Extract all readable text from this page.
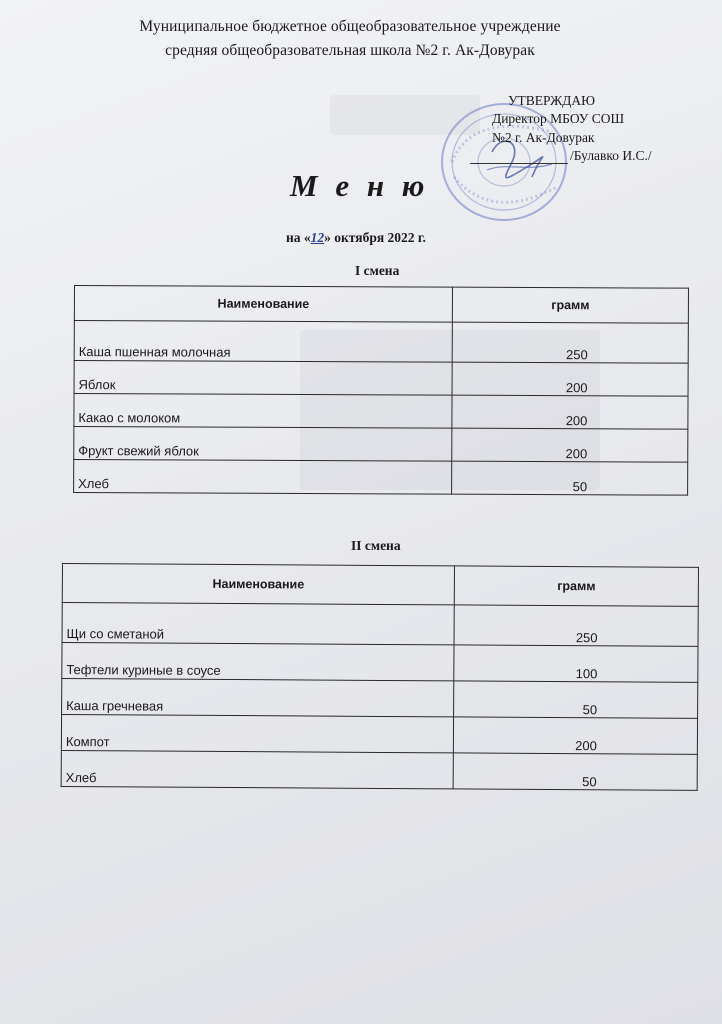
Муниципальное бюджетное общеобразовательное учреждение
средняя общеобразовательная школа №2 г. Ак-Довурак
УТВЕРЖДАЮ
Директор МБОУ СОШ
№2 г. Ак-Довурак
/Булавко И.С./
М е н ю
на «12» октября 2022 г.
I смена
Наименование	грамм
Каша пшенная молочная	250
Яблок	200
Какао с молоком	200
Фрукт свежий яблок	200
Хлеб	50
II смена
Наименование	грамм
Щи со сметаной	250
Тефтели куриные в соусе	100
Каша гречневая	50
Компот	200
Хлеб	50
